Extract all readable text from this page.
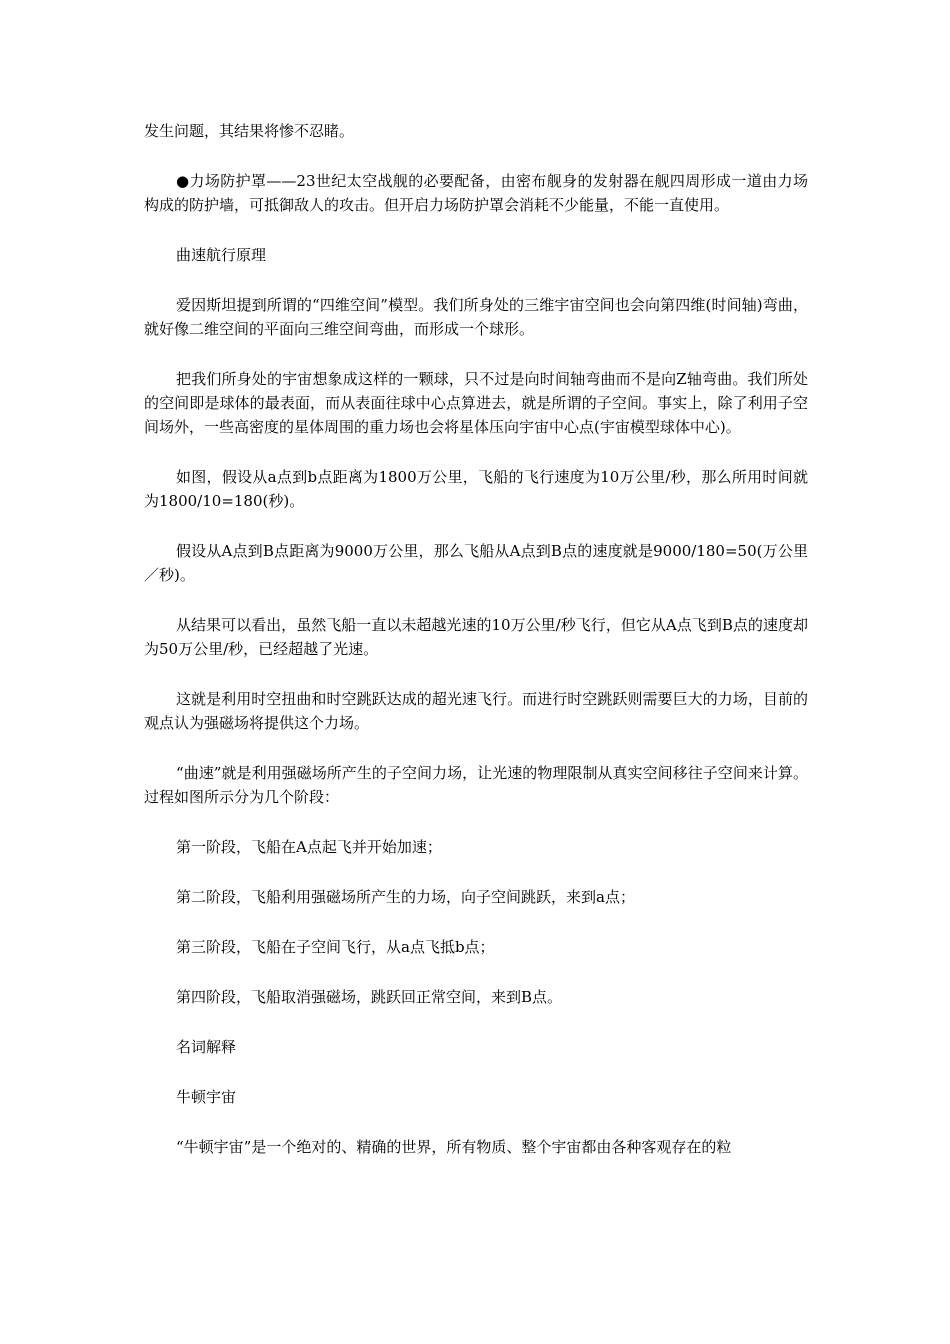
发生问题，其结果将惨不忍睹。

●力场防护罩——23世纪太空战舰的必要配备，由密布舰身的发射器在舰四周形成一道由力场构成的防护墙，可抵御敌人的攻击。但开启力场防护罩会消耗不少能量，不能一直使用。

曲速航行原理

爱因斯坦提到所谓的“四维空间”模型。我们所身处的三维宇宙空间也会向第四维(时间轴)弯曲，就好像二维空间的平面向三维空间弯曲，而形成一个球形。

把我们所身处的宇宙想象成这样的一颗球，只不过是向时间轴弯曲而不是向Z轴弯曲。我们所处的空间即是球体的最表面，而从表面往球中心点算进去，就是所谓的子空间。事实上，除了利用子空间场外，一些高密度的星体周围的重力场也会将星体压向宇宙中心点(宇宙模型球体中心)。

如图，假设从a点到b点距离为1800万公里，飞船的飞行速度为10万公里/秒，那么所用时间就为1800/10=180(秒)。

假设从A点到B点距离为9000万公里，那么飞船从A点到B点的速度就是9000/180=50(万公里／秒)。

从结果可以看出，虽然飞船一直以未超越光速的10万公里/秒飞行，但它从A点飞到B点的速度却为50万公里/秒，已经超越了光速。

这就是利用时空扭曲和时空跳跃达成的超光速飞行。而进行时空跳跃则需要巨大的力场，目前的观点认为强磁场将提供这个力场。

“曲速”就是利用强磁场所产生的子空间力场，让光速的物理限制从真实空间移往子空间来计算。过程如图所示分为几个阶段：

第一阶段，飞船在A点起飞并开始加速；

第二阶段，飞船利用强磁场所产生的力场，向子空间跳跃，来到a点；

第三阶段，飞船在子空间飞行，从a点飞抵b点；

第四阶段，飞船取消强磁场，跳跃回正常空间，来到B点。

名词解释

牛顿宇宙

“牛顿宇宙”是一个绝对的、精确的世界，所有物质、整个宇宙都由各种客观存在的粒
